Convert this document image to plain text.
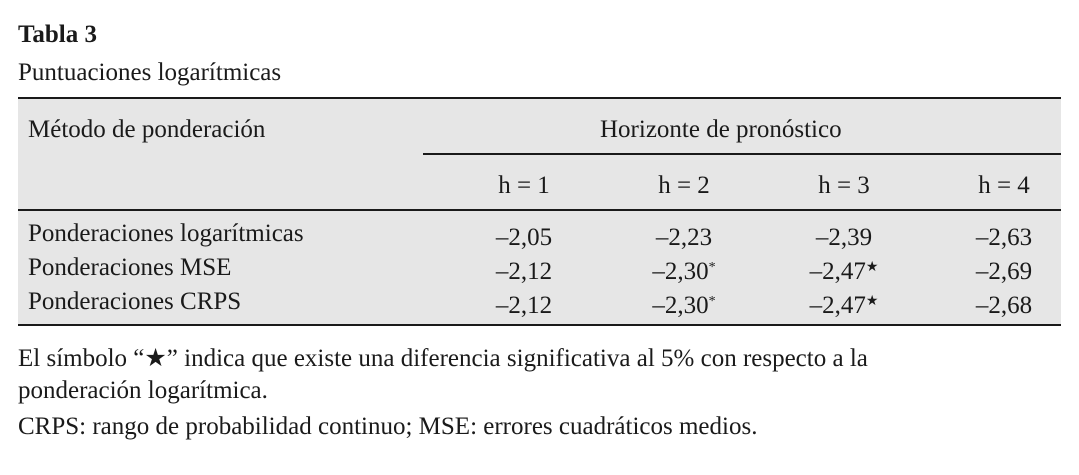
Tabla 3
Puntuaciones logarítmicas
Método de ponderación	Horizonte de pronóstico
h = 1	h = 2	h = 3	h = 4
Ponderaciones logarítmicas	–2,05	–2,23	–2,39	–2,63
Ponderaciones MSE	–2,12	–2,30*	–2,47★	–2,69
Ponderaciones CRPS	–2,12	–2,30*	–2,47★	–2,68
El símbolo “★” indica que existe una diferencia significativa al 5% con respecto a la
ponderación logarítmica.
CRPS: rango de probabilidad continuo; MSE: errores cuadráticos medios.
